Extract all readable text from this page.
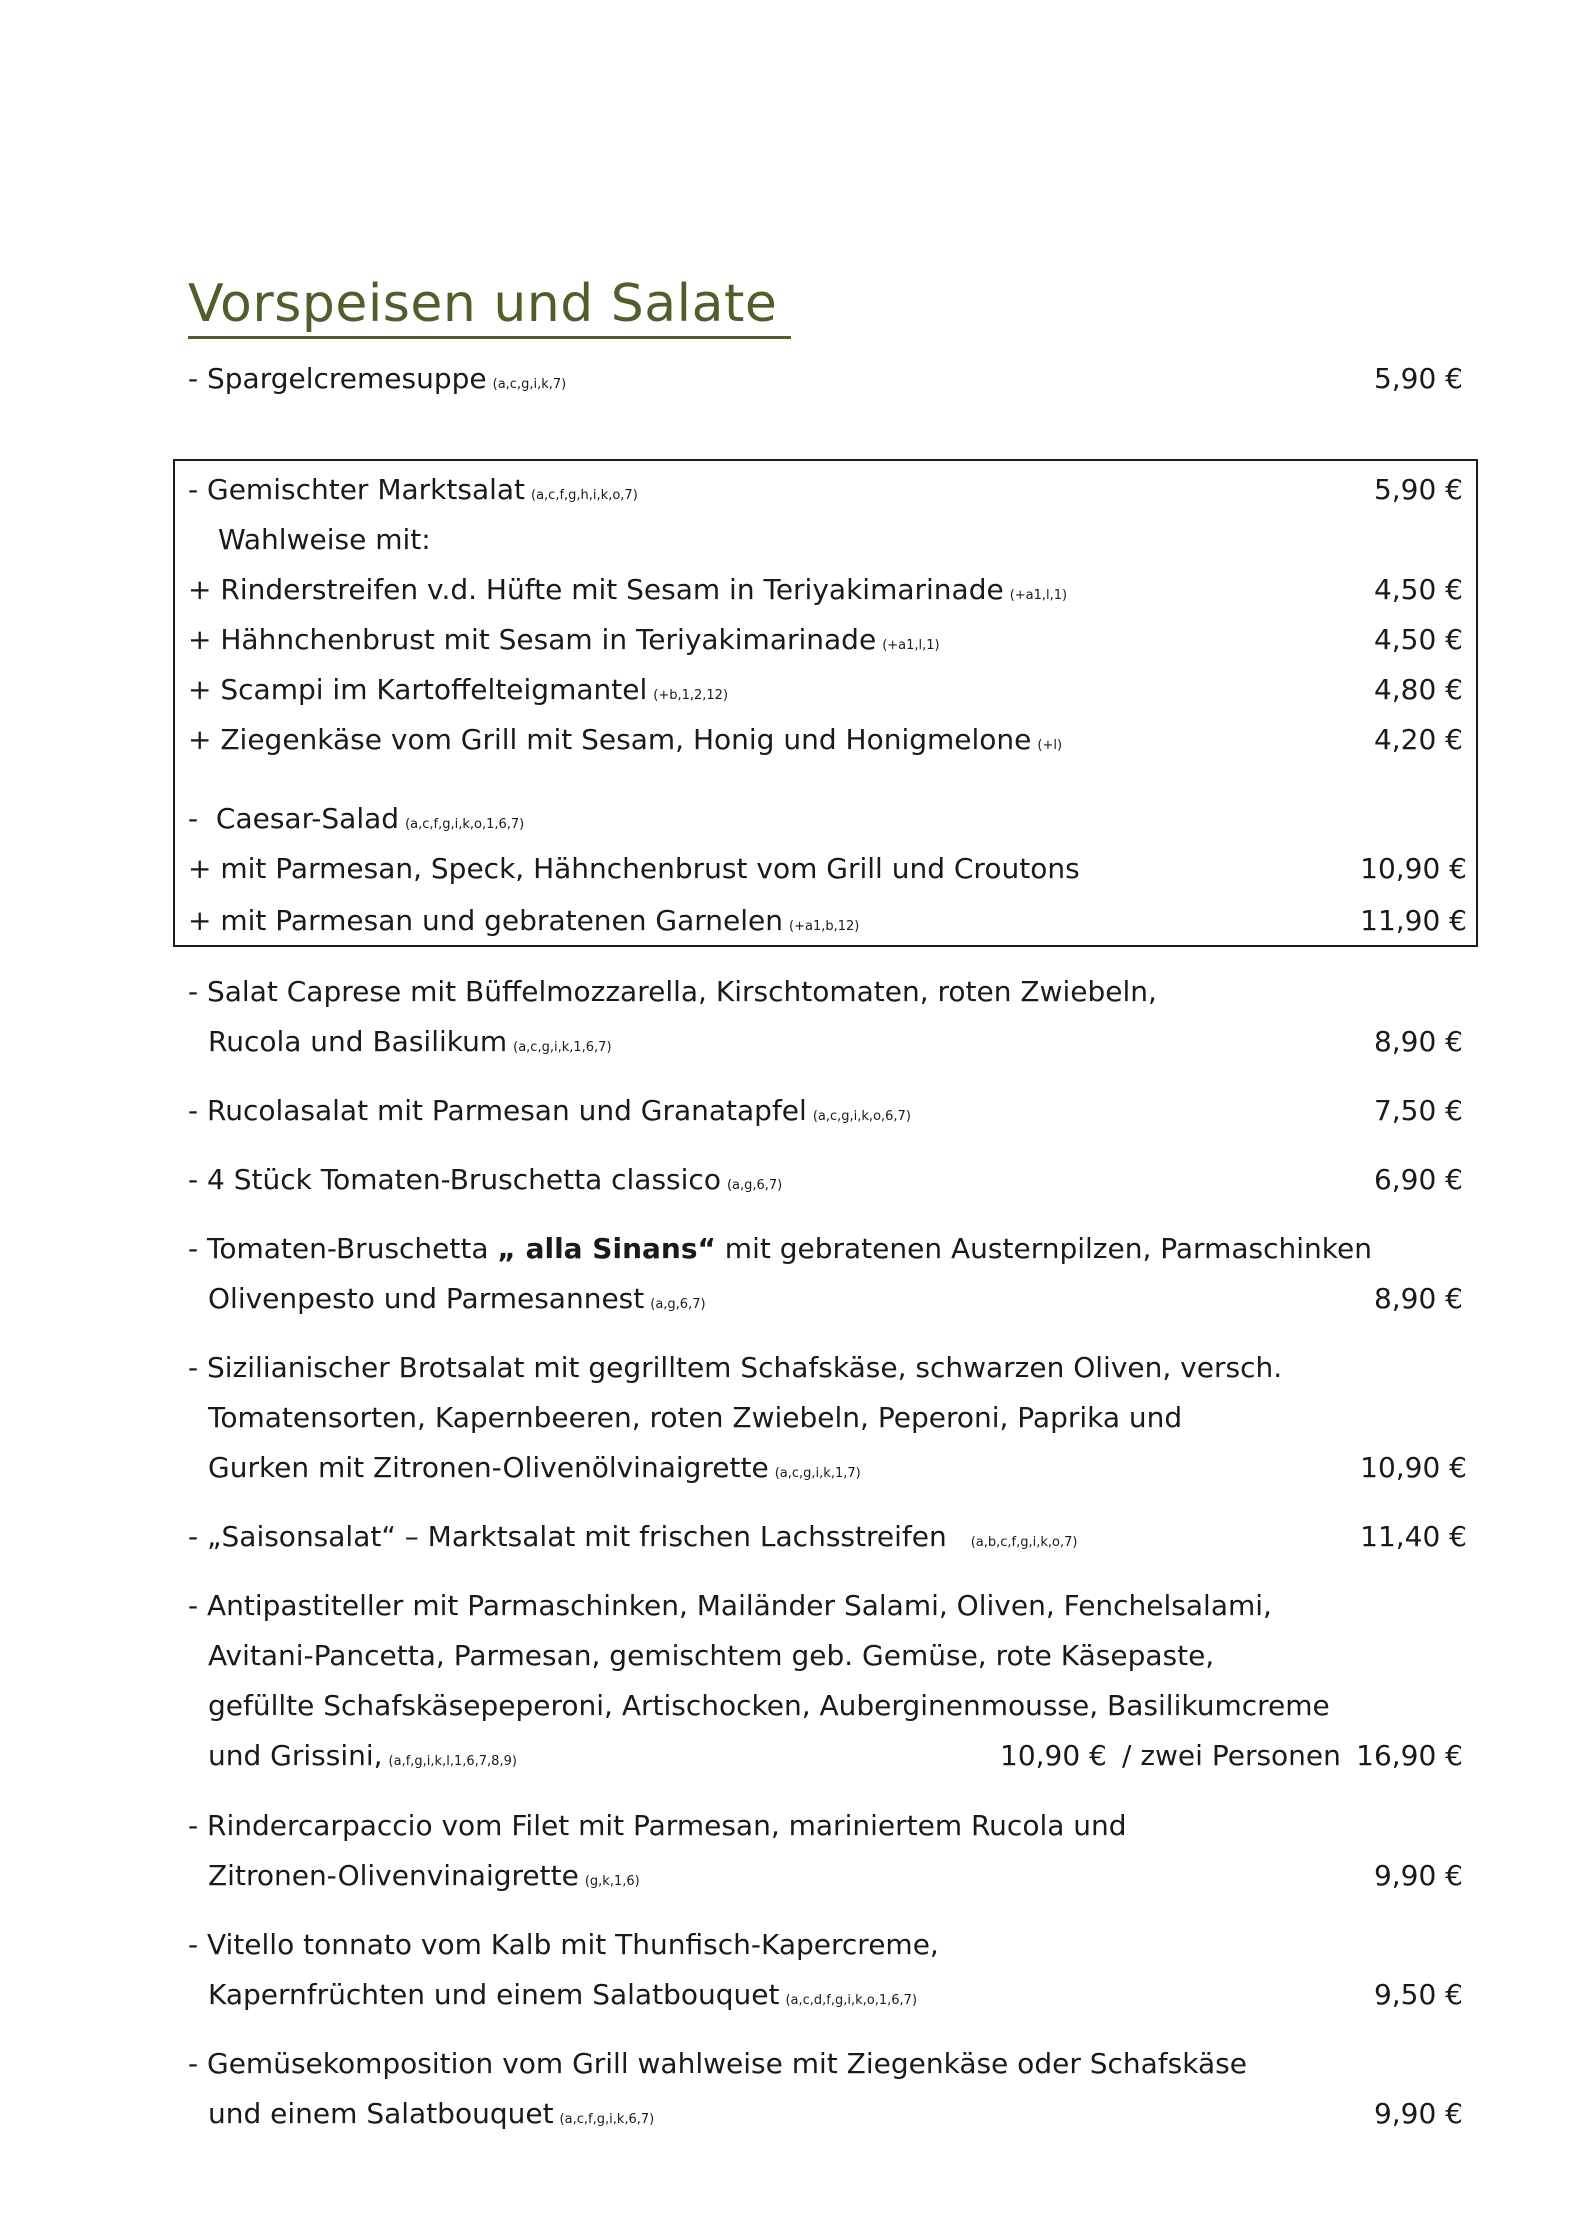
Vorspeisen und Salate
- Spargelcremesuppe (a,c,g,i,k,7)	5,90 €
- Gemischter Marktsalat (a,c,f,g,h,i,k,o,7)	5,90 €
Wahlweise mit:
+ Rinderstreifen v.d. Hüfte mit Sesam in Teriyakimarinade (+a1,l,1)	4,50 €
+ Hähnchenbrust mit Sesam in Teriyakimarinade (+a1,l,1)	4,50 €
+ Scampi im Kartoffelteigmantel (+b,1,2,12)	4,80 €
+ Ziegenkäse vom Grill mit Sesam, Honig und Honigmelone (+l)	4,20 €
-  Caesar-Salad (a,c,f,g,i,k,o,1,6,7)
+ mit Parmesan, Speck, Hähnchenbrust vom Grill und Croutons	10,90 €
+ mit Parmesan und gebratenen Garnelen (+a1,b,12)	11,90 €
- Salat Caprese mit Büffelmozzarella, Kirschtomaten, roten Zwiebeln,
Rucola und Basilikum (a,c,g,i,k,1,6,7)	8,90 €
- Rucolasalat mit Parmesan und Granatapfel (a,c,g,i,k,o,6,7)	7,50 €
- 4 Stück Tomaten-Bruschetta classico (a,g,6,7)	6,90 €
- Tomaten-Bruschetta „ alla Sinans“ mit gebratenen Austernpilzen, Parmaschinken
Olivenpesto und Parmesannest (a,g,6,7)	8,90 €
- Sizilianischer Brotsalat mit gegrilltem Schafskäse, schwarzen Oliven, versch.
Tomatensorten, Kapernbeeren, roten Zwiebeln, Peperoni, Paprika und
Gurken mit Zitronen-Olivenölvinaigrette (a,c,g,i,k,1,7)	10,90 €
- „Saisonsalat“ – Marktsalat mit frischen Lachsstreifen (a,b,c,f,g,i,k,o,7)	11,40 €
- Antipastiteller mit Parmaschinken, Mailänder Salami, Oliven, Fenchelsalami,
Avitani-Pancetta, Parmesan, gemischtem geb. Gemüse, rote Käsepaste,
gefüllte Schafskäsepeperoni, Artischocken, Auberginenmousse, Basilikumcreme
und Grissini, (a,f,g,i,k,l,1,6,7,8,9)	10,90 € / zwei Personen 16,90 €
- Rindercarpaccio vom Filet mit Parmesan, mariniertem Rucola und
Zitronen-Olivenvinaigrette (g,k,1,6)	9,90 €
- Vitello tonnato vom Kalb mit Thunfisch-Kapercreme,
Kapernfrüchten und einem Salatbouquet (a,c,d,f,g,i,k,o,1,6,7)	9,50 €
- Gemüsekomposition vom Grill wahlweise mit Ziegenkäse oder Schafskäse
und einem Salatbouquet (a,c,f,g,i,k,6,7)	9,90 €
